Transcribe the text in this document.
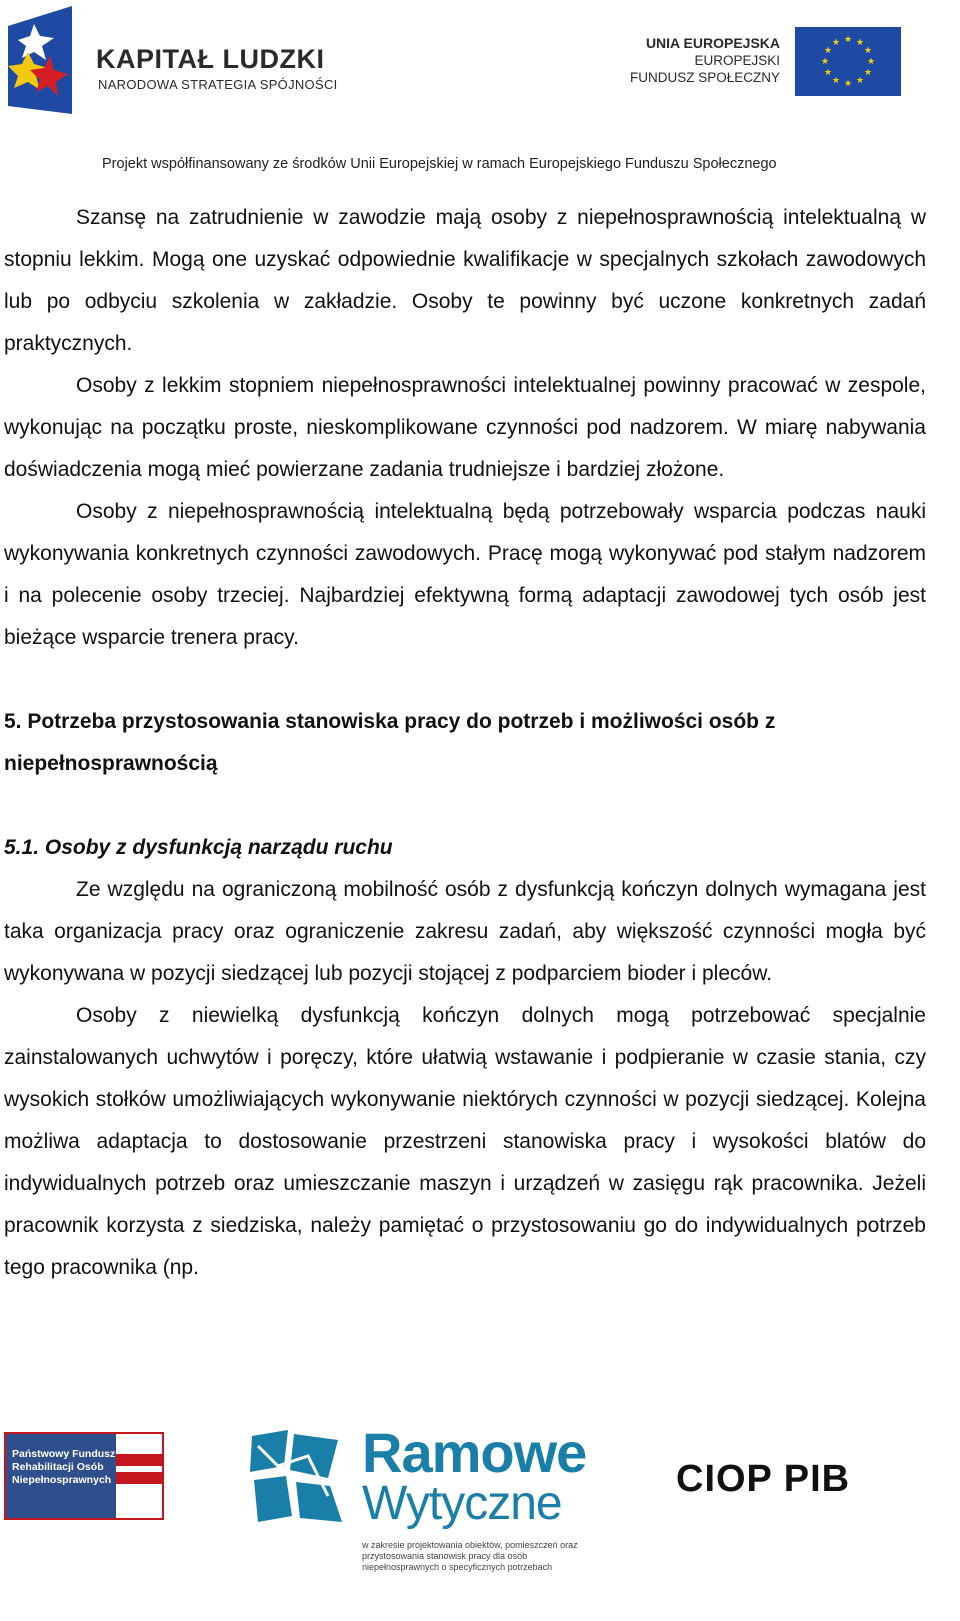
KAPITAŁ LUDZKI
NARODOWA STRATEGIA SPÓJNOŚCI
UNIA EUROPEJSKA
EUROPEJSKI
FUNDUSZ SPOŁECZNY
★ ★
★
★
★
★
★
★
★
★
★
★
Projekt współfinansowany ze środków Unii Europejskiej w ramach Europejskiego Funduszu Społecznego

Szansę na zatrudnienie w zawodzie mają osoby z niepełnosprawnością intelektualną w stopniu lekkim. Mogą one uzyskać odpowiednie kwalifikacje w specjalnych szkołach zawodowych lub po odbyciu szkolenia w zakładzie. Osoby te powinny być uczone konkretnych zadań praktycznych.

Osoby z lekkim stopniem niepełnosprawności intelektualnej powinny pracować w zespole, wykonując na początku proste, nieskomplikowane czynności pod nadzorem. W miarę nabywania doświadczenia mogą mieć powierzane zadania trudniejsze i bardziej złożone.

Osoby z niepełnosprawnością intelektualną będą potrzebowały wsparcia podczas nauki wykonywania konkretnych czynności zawodowych. Pracę mogą wykonywać pod stałym nadzorem i na polecenie osoby trzeciej. Najbardziej efektywną formą adaptacji zawodowej tych osób jest bieżące wsparcie trenera pracy.

5. Potrzeba przystosowania stanowiska pracy do potrzeb i możliwości osób z niepełnosprawnością
5.1. Osoby z dysfunkcją narządu ruchu

Ze względu na ograniczoną mobilność osób z dysfunkcją kończyn dolnych wymagana jest taka organizacja pracy oraz ograniczenie zakresu zadań, aby większość czynności mogła być wykonywana w pozycji siedzącej lub pozycji stojącej z podparciem bioder i pleców.

Osoby z niewielką dysfunkcją kończyn dolnych mogą potrzebować specjalnie zainstalowanych uchwytów i poręczy, które ułatwią wstawanie i podpieranie w czasie stania, czy wysokich stołków umożliwiających wykonywanie niektórych czynności w pozycji siedzącej. Kolejna możliwa adaptacja to dostosowanie przestrzeni stanowiska pracy i wysokości blatów do indywidualnych potrzeb oraz umieszczanie maszyn i urządzeń w zasięgu rąk pracownika. Jeżeli pracownik korzysta z siedziska, należy pamiętać o przystosowaniu go do indywidualnych potrzeb tego pracownika (np.

Państwowy Fundusz
Rehabilitacji Osób
Niepełnosprawnych	Ramowe
Wytyczne
w zakresie projektowania obiektów, pomieszczeń oraz przystosowania stanowisk pracy dla osób niepełnosprawnych o specyficznych potrzebach
CIOP PIB
